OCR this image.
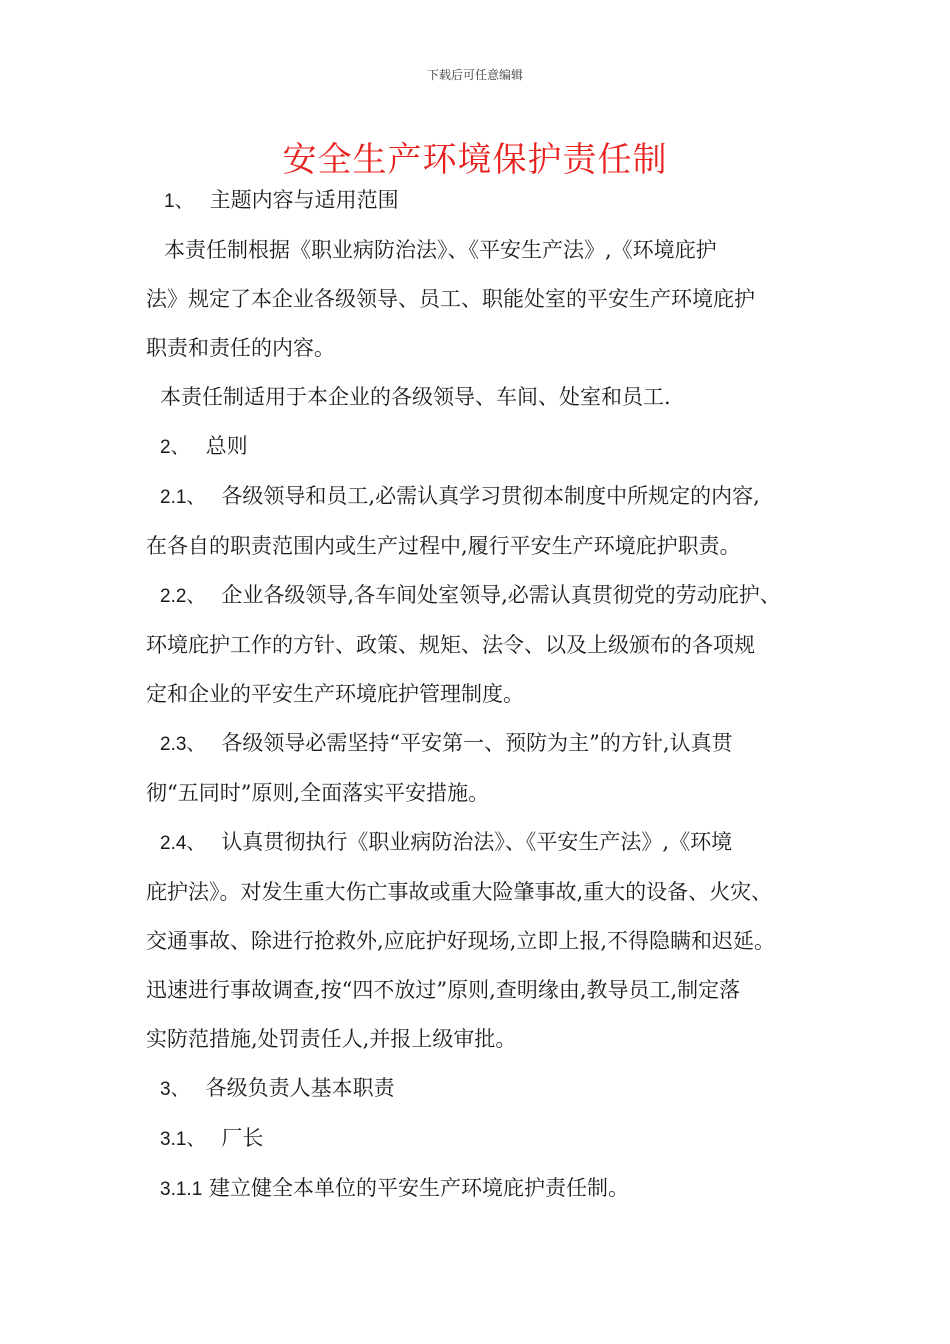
下载后可任意编辑
安全生产环境保护责任制

1、 主题内容与适用范围

本责任制根据《职业病防治法》、《平安生产法》,《环境庇护

法》规定了本企业各级领导、员工、职能处室的平安生产环境庇护

职责和责任的内容。

本责任制适用于本企业的各级领导、车间、处室和员工.

2、 总则

2.1、 各级领导和员工,必需认真学习贯彻本制度中所规定的内容,

在各自的职责范围内或生产过程中,履行平安生产环境庇护职责。

2.2、 企业各级领导,各车间处室领导,必需认真贯彻党的劳动庇护、

环境庇护工作的方针、政策、规矩、法令、以及上级颁布的各项规

定和企业的平安生产环境庇护管理制度。

2.3、 各级领导必需坚持“平安第一、预防为主”的方针,认真贯

彻“五同时”原则,全面落实平安措施。

2.4、 认真贯彻执行《职业病防治法》、《平安生产法》,《环境

庇护法》。对发生重大伤亡事故或重大险肇事故,重大的设备、火灾、

交通事故、除进行抢救外,应庇护好现场,立即上报,不得隐瞒和迟延。

迅速进行事故调查,按“四不放过”原则,查明缘由,教导员工,制定落

实防范措施,处罚责任人,并报上级审批。

3、 各级负责人基本职责

3.1、 厂长

3.1.1 建立健全本单位的平安生产环境庇护责任制。
